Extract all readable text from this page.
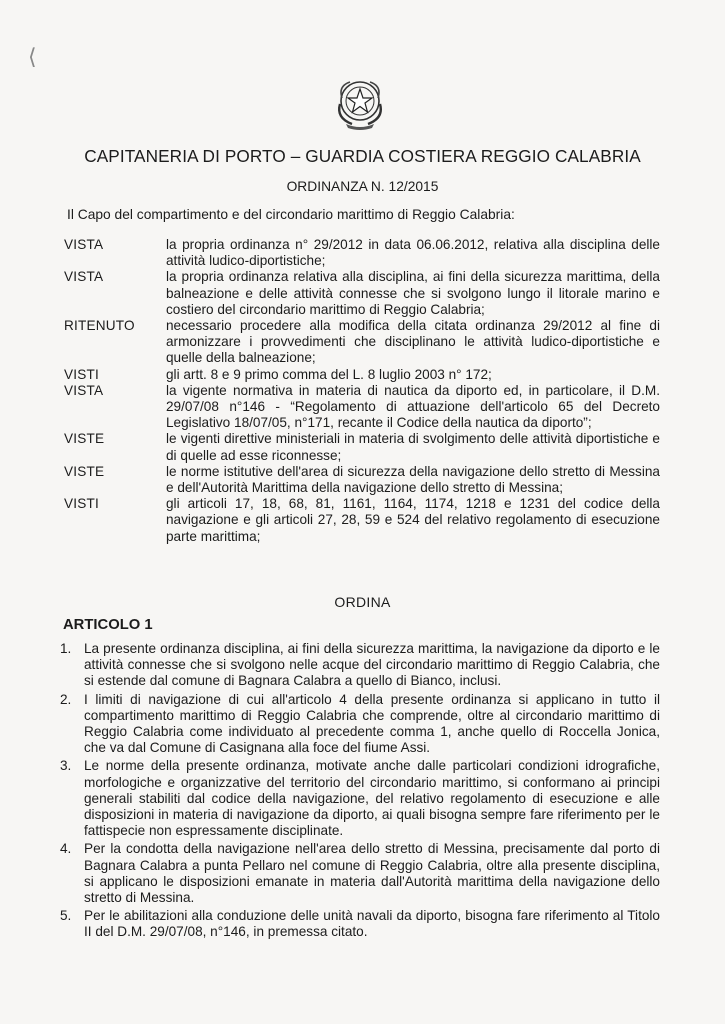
⟨
CAPITANERIA DI PORTO – GUARDIA COSTIERA REGGIO CALABRIA
ORDINANZA N. 12/2015
Il Capo del compartimento e del circondario marittimo di Reggio Calabria:
VISTA	la propria ordinanza n° 29/2012 in data 06.06.2012, relativa alla disciplina delle attività ludico-diportistiche;
VISTA	la propria ordinanza relativa alla disciplina, ai fini della sicurezza marittima, della balneazione e delle attività connesse che si svolgono lungo il litorale marino e costiero del circondario marittimo di Reggio Calabria;
RITENUTO	necessario procedere alla modifica della citata ordinanza 29/2012 al fine di armonizzare i provvedimenti che disciplinano le attività ludico-diportistiche e quelle della balneazione;
VISTI	gli artt. 8 e 9 primo comma del L. 8 luglio 2003 n° 172;
VISTA	la vigente normativa in materia di nautica da diporto ed, in particolare, il D.M. 29/07/08 n°146 - “Regolamento di attuazione dell'articolo 65 del Decreto Legislativo 18/07/05, n°171, recante il Codice della nautica da diporto”;
VISTE	le vigenti direttive ministeriali in materia di svolgimento delle attività diportistiche e di quelle ad esse riconnesse;
VISTE	le norme istitutive dell'area di sicurezza della navigazione dello stretto di Messina e dell'Autorità Marittima della navigazione dello stretto di Messina;
VISTI	gli articoli 17, 18, 68, 81, 1161, 1164, 1174, 1218 e 1231 del codice della navigazione e gli articoli 27, 28, 59 e 524 del relativo regolamento di esecuzione parte marittima;
ORDINA
ARTICOLO 1
1. La presente ordinanza disciplina, ai fini della sicurezza marittima, la navigazione da diporto e le attività connesse che si svolgono nelle acque del circondario marittimo di Reggio Calabria, che si estende dal comune di Bagnara Calabra a quello di Bianco, inclusi.
2. I limiti di navigazione di cui all'articolo 4 della presente ordinanza si applicano in tutto il compartimento marittimo di Reggio Calabria che comprende, oltre al circondario marittimo di Reggio Calabria come individuato al precedente comma 1, anche quello di Roccella Jonica, che va dal Comune di Casignana alla foce del fiume Assi.
3. Le norme della presente ordinanza, motivate anche dalle particolari condizioni idrografiche, morfologiche e organizzative del territorio del circondario marittimo, si conformano ai principi generali stabiliti dal codice della navigazione, del relativo regolamento di esecuzione e alle disposizioni in materia di navigazione da diporto, ai quali bisogna sempre fare riferimento per le fattispecie non espressamente disciplinate.
4. Per la condotta della navigazione nell'area dello stretto di Messina, precisamente dal porto di Bagnara Calabra a punta Pellaro nel comune di Reggio Calabria, oltre alla presente disciplina, si applicano le disposizioni emanate in materia dall'Autorità marittima della navigazione dello stretto di Messina.
5. Per le abilitazioni alla conduzione delle unità navali da diporto, bisogna fare riferimento al Titolo II del D.M. 29/07/08, n°146, in premessa citato.
